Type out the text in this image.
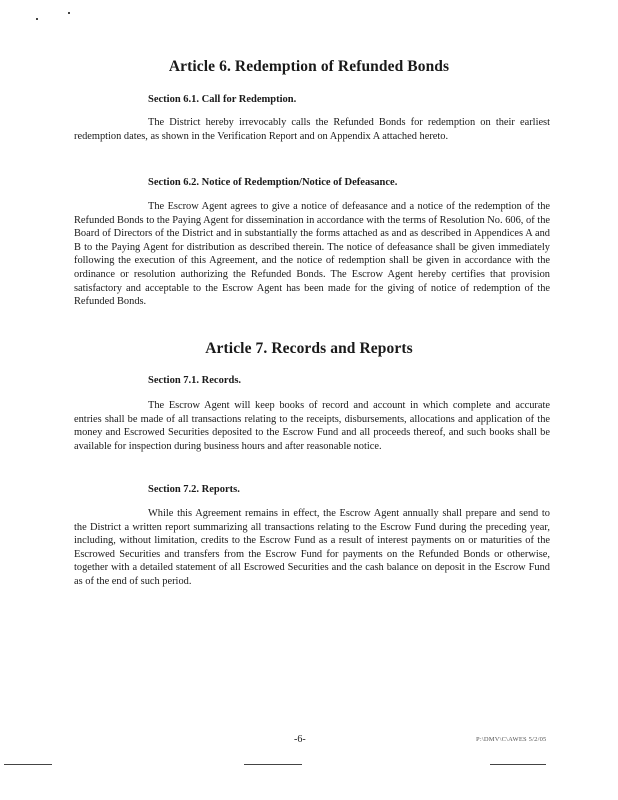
Article 6. Redemption of Refunded Bonds
Section 6.1. Call for Redemption.

The District hereby irrevocably calls the Refunded Bonds for redemption on their earliest redemption dates, as shown in the Verification Report and on Appendix A attached hereto.

Section 6.2. Notice of Redemption/Notice of Defeasance.

The Escrow Agent agrees to give a notice of defeasance and a notice of the redemption of the Refunded Bonds to the Paying Agent for dissemination in accordance with the terms of Resolution No. 606, of the Board of Directors of the District and in substantially the forms attached as and as described in Appendices A and B to the Paying Agent for distribution as described therein. The notice of defeasance shall be given immediately following the execution of this Agreement, and the notice of redemption shall be given in accordance with the ordinance or resolution authorizing the Refunded Bonds. The Escrow Agent hereby certifies that provision satisfactory and acceptable to the Escrow Agent has been made for the giving of notice of redemption of the Refunded Bonds.

Article 7. Records and Reports
Section 7.1. Records.

The Escrow Agent will keep books of record and account in which complete and accurate entries shall be made of all transactions relating to the receipts, disbursements, allocations and application of the money and Escrowed Securities deposited to the Escrow Fund and all proceeds thereof, and such books shall be available for inspection during business hours and after reasonable notice.

Section 7.2. Reports.

While this Agreement remains in effect, the Escrow Agent annually shall prepare and send to the District a written report summarizing all transactions relating to the Escrow Fund during the preceding year, including, without limitation, credits to the Escrow Fund as a result of interest payments on or maturities of the Escrowed Securities and transfers from the Escrow Fund for payments on the Refunded Bonds or otherwise, together with a detailed statement of all Escrowed Securities and the cash balance on deposit in the Escrow Fund as of the end of such period.

-6-	P:\DMV\C\AWES 5/2/05
